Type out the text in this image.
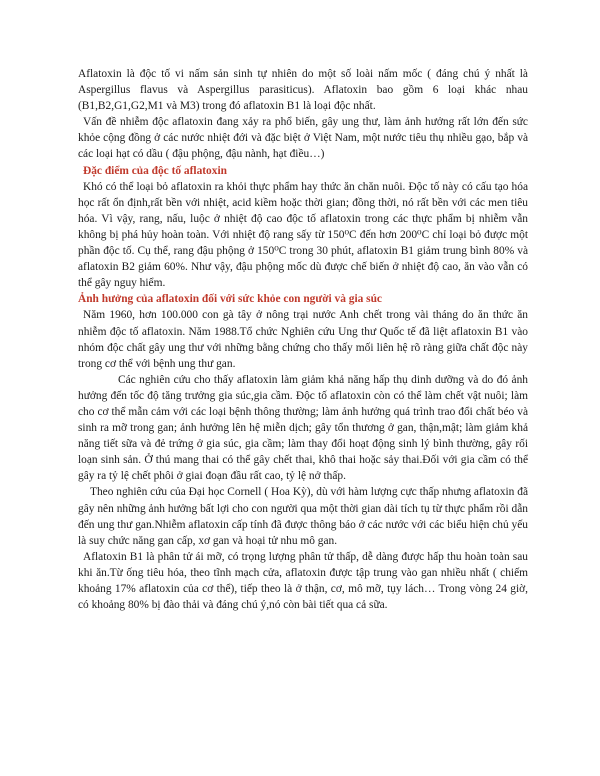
Aflatoxin là độc tố vi nấm sản sinh tự nhiên do một số loài nấm mốc ( đáng chú ý nhất là Aspergillus flavus và Aspergillus parasiticus). Aflatoxin bao gồm 6 loại khác nhau (B1,B2,G1,G2,M1 và M3) trong đó aflatoxin B1 là loại độc nhất.

Vấn đề nhiễm độc aflatoxin đang xảy ra phổ biến, gây ung thư, làm ảnh hưởng rất lớn đến sức khỏe cộng đồng ở các nước nhiệt đới và đặc biệt ở Việt Nam, một nước tiêu thụ nhiều gạo, bắp và các loại hạt có dầu ( đậu phộng, đậu nành, hạt điều…)

Đặc điểm của độc tố aflatoxin

Khó có thể loại bỏ aflatoxin ra khỏi thực phẩm hay thức ăn chăn nuôi. Độc tố này có cấu tạo hóa học rất ổn định,rất bền với nhiệt, acid kiềm hoặc thời gian; đồng thời, nó rất bền với các men tiêu hóa. Vì vậy, rang, nấu, luộc ở nhiệt độ cao độc tố aflatoxin trong các thực phẩm bị nhiễm vẫn không bị phá hủy hoàn toàn. Với nhiệt độ rang sấy từ 150⁰C đến hơn 200⁰C chỉ loại bỏ được một phần độc tố. Cụ thể, rang đậu phộng ở 150⁰C trong 30 phút, aflatoxin B1 giảm trung bình 80% và aflatoxin B2 giảm 60%. Như vậy, đậu phộng mốc dù được chế biến ở nhiệt độ cao, ăn vào vẫn có thể gây nguy hiểm.

Ảnh hưởng của aflatoxin đối với sức khỏe con người và gia súc

Năm 1960, hơn 100.000 con gà tây ở nông trại nước Anh chết trong vài tháng do ăn thức ăn nhiễm độc tố aflatoxin. Năm 1988.Tổ chức Nghiên cứu Ung thư Quốc tế đã liệt aflatoxin B1 vào nhóm độc chất gây ung thư với những bằng chứng cho thấy mối liên hệ rõ ràng giữa chất độc này trong cơ thể với bệnh ung thư gan.

Các nghiên cứu cho thấy aflatoxin làm giảm khả năng hấp thụ dinh dưỡng và do đó ảnh hưởng đến tốc độ tăng trưởng gia súc,gia cầm. Độc tố aflatoxin còn có thể làm chết vật nuôi; làm cho cơ thể mẫn cảm với các loại bệnh thông thường; làm ảnh hưởng quá trình trao đổi chất béo và sinh ra mỡ trong gan; ảnh hưởng lên hệ miễn dịch; gây tổn thương ở gan, thận,mật; làm giảm khả năng tiết sữa và đẻ trứng ở gia súc, gia cầm; làm thay đổi hoạt động sinh lý bình thường, gây rối loạn sinh sản. Ở thú mang thai có thể gây chết thai, khô thai hoặc sảy thai.Đối với gia cầm có thể gây ra tỷ lệ chết phôi ở giai đoạn đầu rất cao, tỷ lệ nở thấp.

Theo nghiên cứu của Đại học Cornell ( Hoa Kỳ), dù với hàm lượng cực thấp nhưng aflatoxin đã gây nên những ảnh hưởng bất lợi cho con người qua một thời gian dài tích tụ từ thực phẩm rồi dẫn đến ung thư gan.Nhiễm aflatoxin cấp tính đã được thông báo ở các nước với các biểu hiện chủ yếu là suy chức năng gan cấp, xơ gan và hoại tử nhu mô gan.

Aflatoxin B1 là phân tử ái mỡ, có trọng lượng phân tử thấp, dễ dàng được hấp thu hoàn toàn sau khi ăn.Từ ống tiêu hóa, theo tĩnh mạch cửa, aflatoxin được tập trung vào gan nhiều nhất ( chiếm khoảng 17% aflatoxin của cơ thể), tiếp theo là ở thận, cơ, mô mỡ, tụy lách… Trong vòng 24 giờ, có khoảng 80% bị đào thải và đáng chú ý,nó còn bài tiết qua cả sữa.
